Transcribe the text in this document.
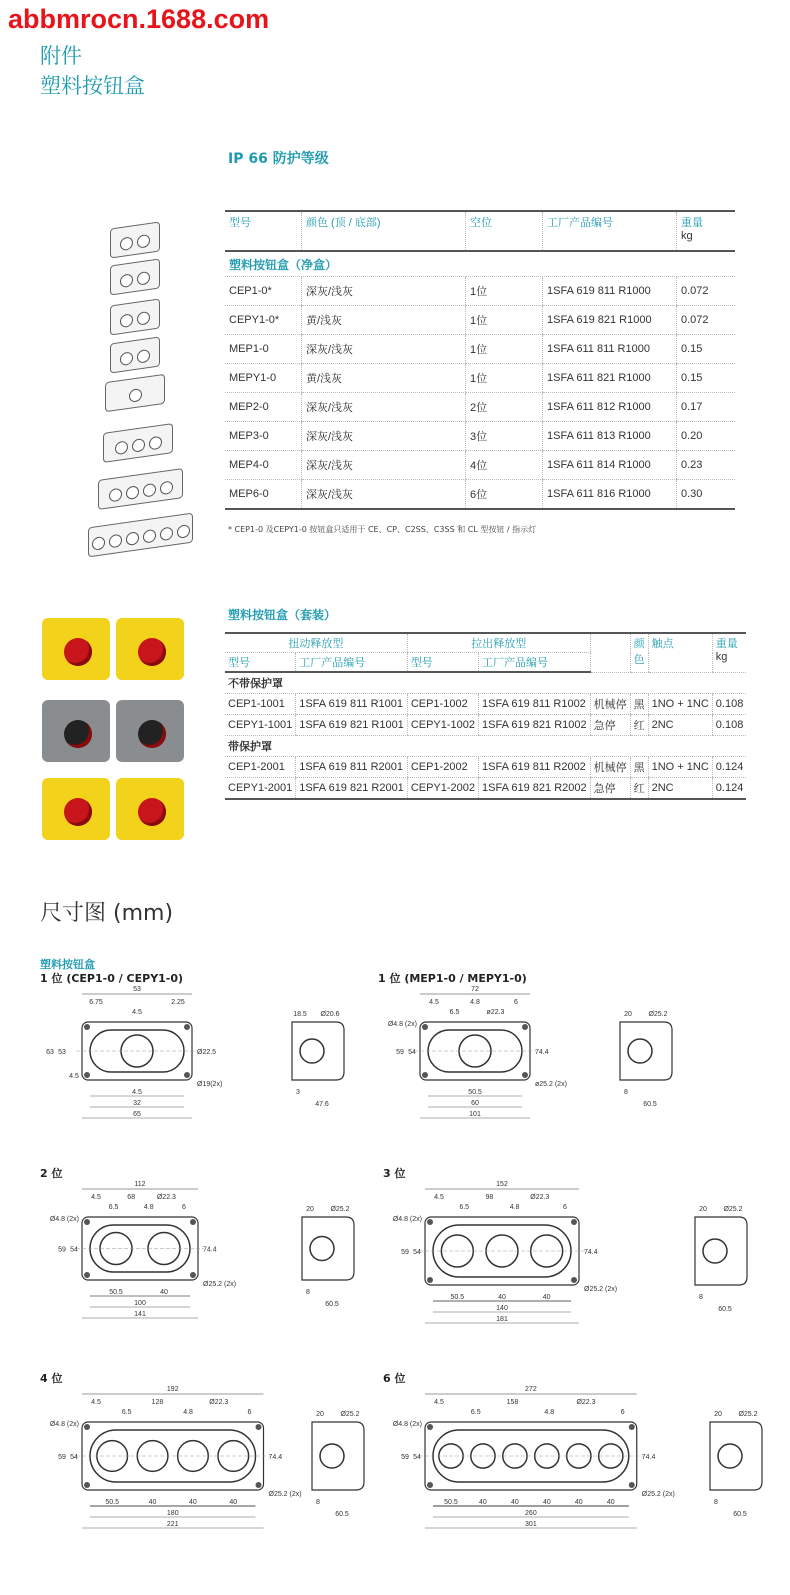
abbmrocn.1688.com
附件
塑料按钮盒
IP 66 防护等级
型号	颜色 (顶 / 底部)	空位	工厂产品编号	重量
kg
塑料按钮盒（净盒）				
CEP1-0*	深灰/浅灰	1位	1SFA 619 811 R1000	0.072
CEPY1-0*	黄/浅灰	1位	1SFA 619 821 R1000	0.072
MEP1-0	深灰/浅灰	1位	1SFA 611 811 R1000	0.15
MEPY1-0	黄/浅灰	1位	1SFA 611 821 R1000	0.15
MEP2-0	深灰/浅灰	2位	1SFA 611 812 R1000	0.17
MEP3-0	深灰/浅灰	3位	1SFA 611 813 R1000	0.20
MEP4-0	深灰/浅灰	4位	1SFA 611 814 R1000	0.23
MEP6-0	深灰/浅灰	6位	1SFA 611 816 R1000	0.30
* CEP1-0 及CEPY1-0 按钮盒只适用于 CE、CP、C2SS、C3SS 和 CL 型按钮 / 指示灯
塑料按钮盒（套装）
扭动释放型		拉出释放型			颜色	触点	重量
kg
型号	工厂产品编号	型号	工厂产品编号				
不带保护罩							
CEP1-1001	1SFA 619 811 R1001	CEP1-1002	1SFA 619 811 R1002	机械停	黑	1NO + 1NC	0.108
CEPY1-1001	1SFA 619 821 R1001	CEPY1-1002	1SFA 619 821 R1002	急停	红	2NC	0.108
带保护罩							
CEP1-2001	1SFA 619 811 R2001	CEP1-2002	1SFA 619 811 R2002	机械停	黑	1NO + 1NC	0.124
CEPY1-2001	1SFA 619 821 R2001	CEPY1-2002	1SFA 619 821 R2002	急停	红	2NC	0.124
尺寸图 (mm)
塑料按钮盒
1 位 (CEP1-0 / CEPY1-0)
53
6.75
4.5
2.25
63 53
4.5
Ø22.5
Ø19(2x)
4.5
32
65
18.5 Ø20.6
3
47.6
1 位 (MEP1-0 / MEPY1-0)
72
4.5
6.5
4.8
ø22.3
6
Ø4.8 (2x)
59 54	74.4
ø25.2 (2x)
50.5
60
101
20 Ø25.2
8
60.5
2 位
112
4.5
6.5
68
4.8
Ø22.3
6
Ø4.8 (2x)
59 54	74.4
Ø25.2 (2x)
50.5	40
100
141
20 Ø25.2
8
60.5
3 位
152
4.5
6.5
98
4.8
Ø22.3
6
Ø4.8 (2x)
59 54	74.4
Ø25.2 (2x)
50.5	40	40
140
181
20 Ø25.2
8
60.5
4 位
192
4.5
6.5
128
4.8
Ø22.3
6
Ø4.8 (2x)
59 54	74.4
Ø25.2 (2x)
50.5	40	40	40
180
221
20 Ø25.2
8
60.5
6 位
272
4.5
6.5
158
4.8
Ø22.3
6
Ø4.8 (2x)
59 54	74.4
Ø25.2 (2x)
50.5	40	40	40	40	40
260
301
20 Ø25.2
8
60.5
